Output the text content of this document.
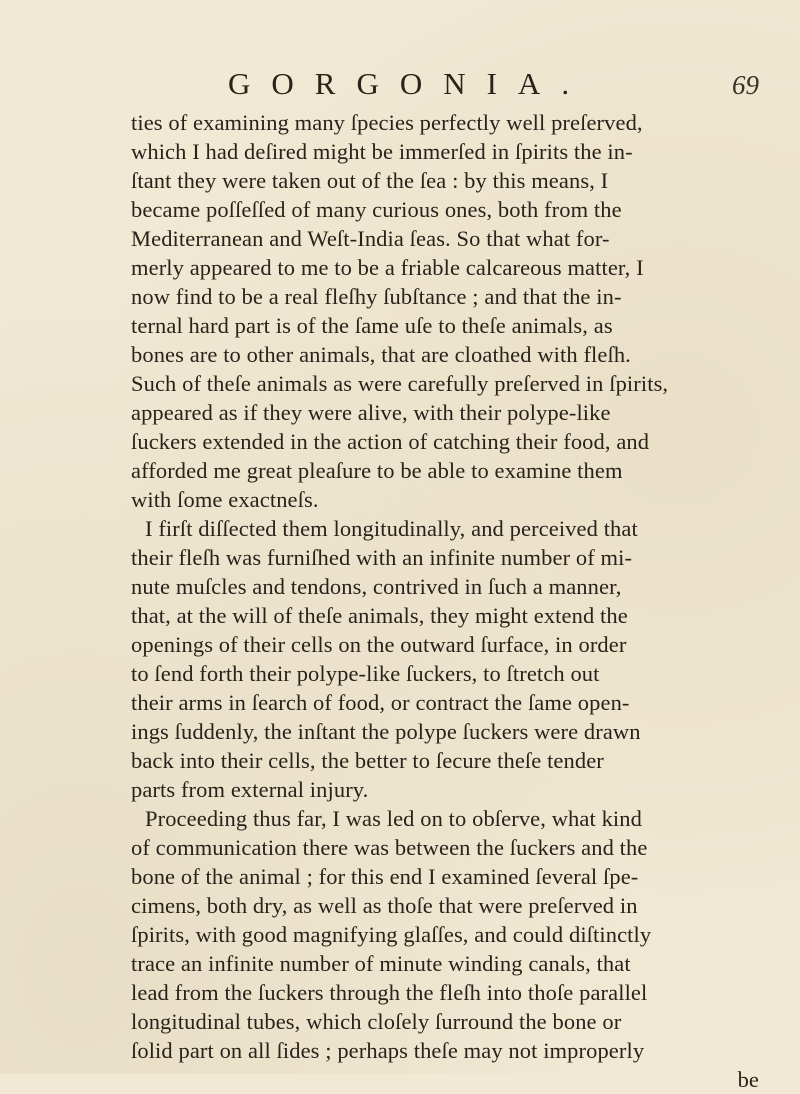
GORGONIA.	69
ties of examining many ſpecies perfectly well preſerved,
which I had deſired might be immerſed in ſpirits the in-
ſtant they were taken out of the ſea : by this means, I
became poſſeſſed of many curious ones, both from the
Mediterranean and Weſt-India ſeas. So that what for-
merly appeared to me to be a friable calcareous matter, I
now find to be a real fleſhy ſubſtance ; and that the in-
ternal hard part is of the ſame uſe to theſe animals, as
bones are to other animals, that are cloathed with fleſh.
Such of theſe animals as were carefully preſerved in ſpirits,
appeared as if they were alive, with their polype-like
ſuckers extended in the action of catching their food, and
afforded me great pleaſure to be able to examine them
with ſome exactneſs.
I firſt diſſected them longitudinally, and perceived that
their fleſh was furniſhed with an infinite number of mi-
nute muſcles and tendons, contrived in ſuch a manner,
that, at the will of theſe animals, they might extend the
openings of their cells on the outward ſurface, in order
to ſend forth their polype-like ſuckers, to ſtretch out
their arms in ſearch of food, or contract the ſame open-
ings ſuddenly, the inſtant the polype ſuckers were drawn
back into their cells, the better to ſecure theſe tender
parts from external injury.
Proceeding thus far, I was led on to obſerve, what kind
of communication there was between the ſuckers and the
bone of the animal ; for this end I examined ſeveral ſpe-
cimens, both dry, as well as thoſe that were preſerved in
ſpirits, with good magnifying glaſſes, and could diſtinctly
trace an infinite number of minute winding canals, that
lead from the ſuckers through the fleſh into thoſe parallel
longitudinal tubes, which cloſely ſurround the bone or
ſolid part on all ſides ; perhaps theſe may not improperly
be
